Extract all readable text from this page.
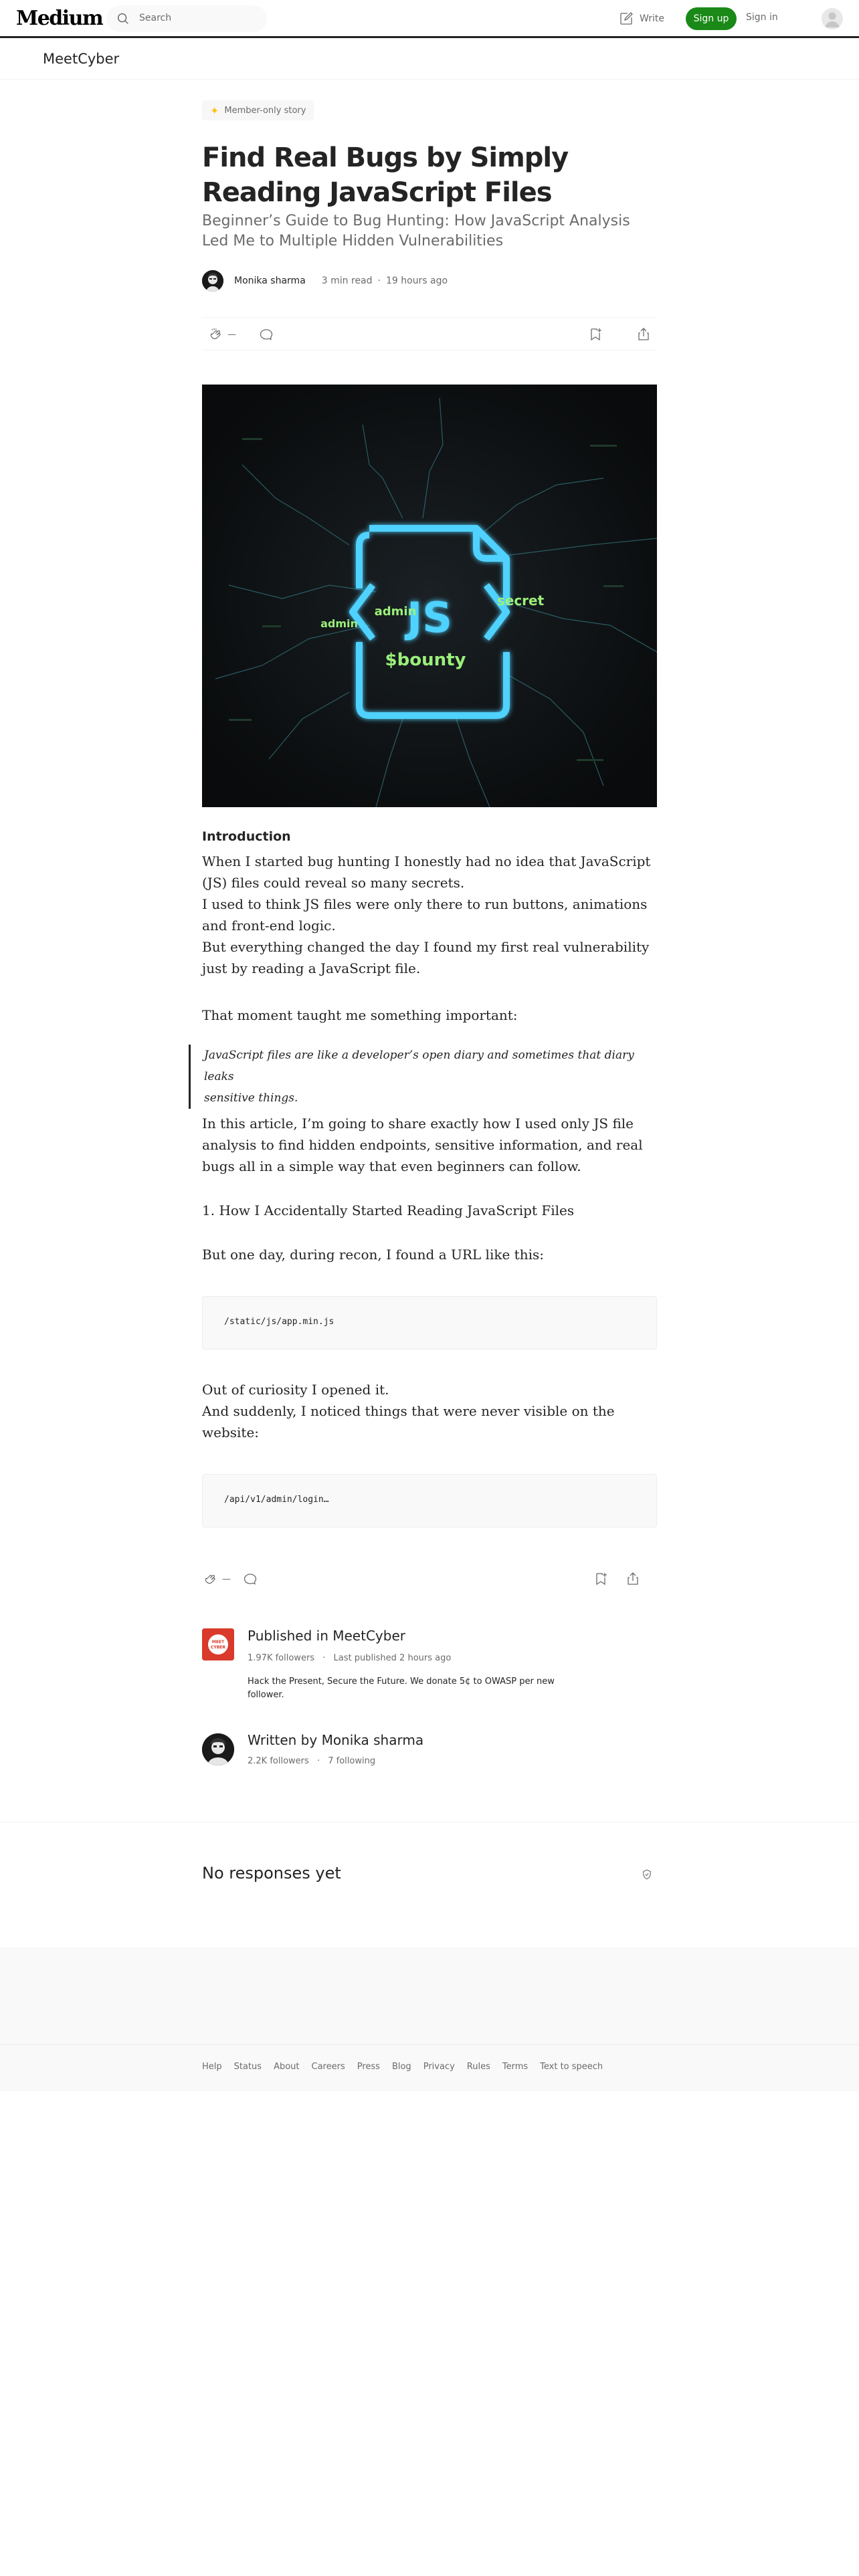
Medium	Search	Write	Sign up	Sign in
MeetCyber
✦ Member-only story
Find Real Bugs by Simply Reading JavaScript Files
Beginner’s Guide to Bug Hunting: How JavaScript Analysis Led Me to Multiple Hidden Vulnerabilities
Monika sharma 3 min read · 19 hours ago
—
JS
admin
admin
secret
$bounty
Introduction
When I started bug hunting I honestly had no idea that JavaScript
(JS) files could reveal so many secrets.
I used to think JS files were only there to run buttons, animations
and front-end logic.
But everything changed the day I found my first real vulnerability
just by reading a JavaScript file.
That moment taught me something important:
JavaScript files are like a developer’s open diary and sometimes that diary leaks
sensitive things.
In this article, I’m going to share exactly how I used only JS file
analysis to find hidden endpoints, sensitive information, and real
bugs all in a simple way that even beginners can follow.
1. How I Accidentally Started Reading JavaScript Files
But one day, during recon, I found a URL like this:
/static/js/app.min.js
Out of curiosity I opened it.
And suddenly, I noticed things that were never visible on the
website:
/api/v1/admin/login…
—
MEET
CYBER
Published in MeetCyber
1.97K followers · Last published 2 hours ago
Hack the Present, Secure the Future. We donate 5¢ to OWASP per new
follower.
Written by Monika sharma
2.2K followers · 7 following
No responses yet
Help Status About Careers Press Blog Privacy Rules Terms Text to speech
